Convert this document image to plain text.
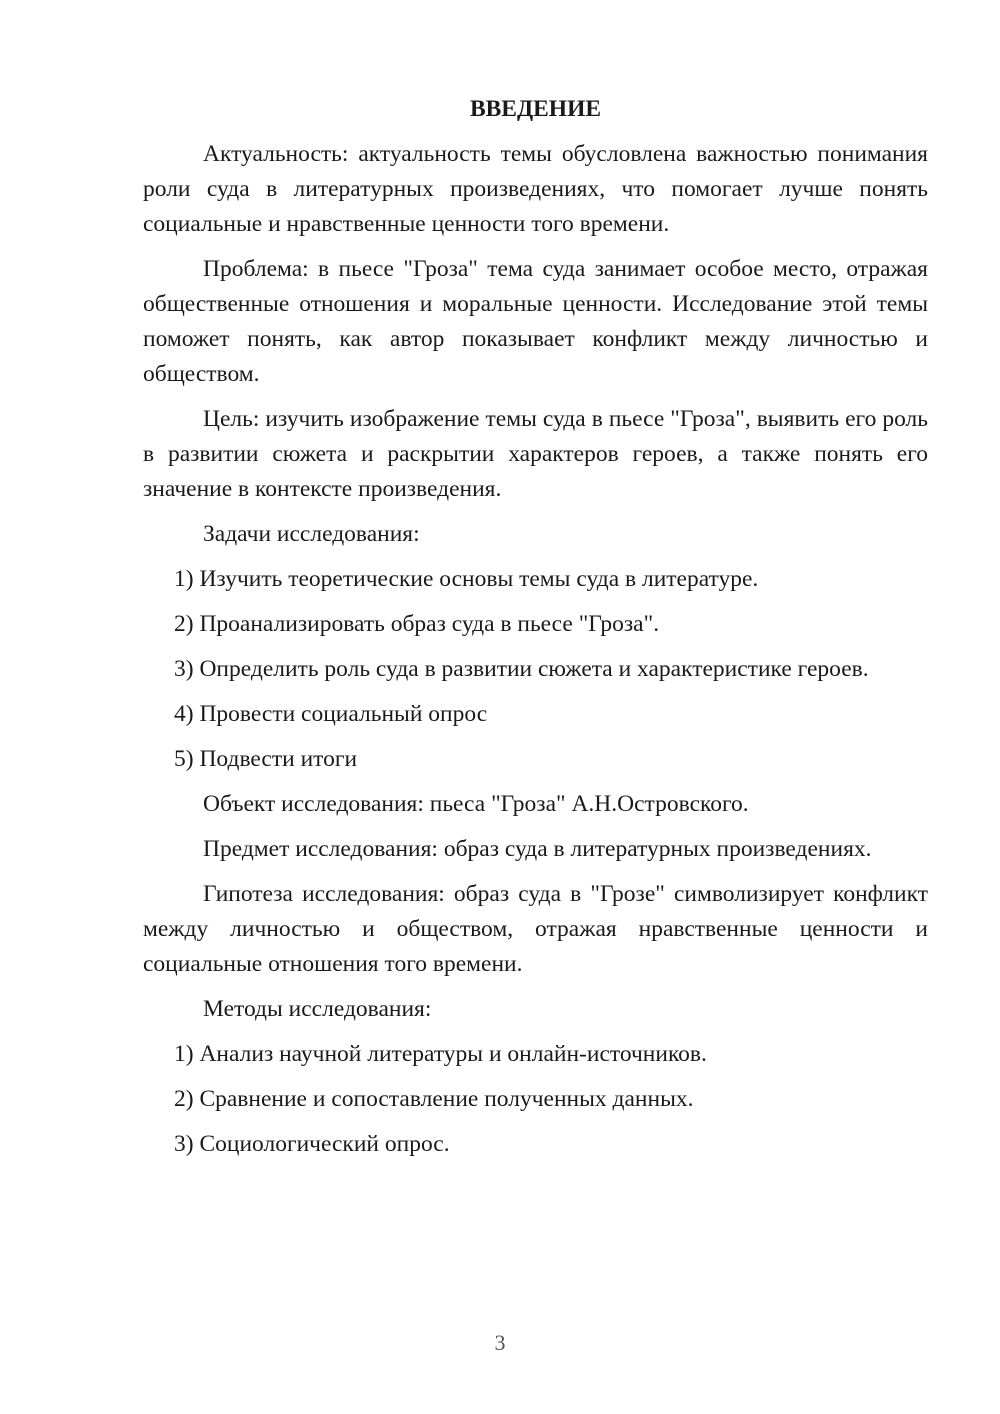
ВВЕДЕНИЕ
Актуальность: актуальность темы обусловлена важностью понимания роли суда в литературных произведениях, что помогает лучше понять социальные и нравственные ценности того времени.
Проблема: в пьесе "Гроза" тема суда занимает особое место, отражая общественные отношения и моральные ценности. Исследование этой темы поможет понять, как автор показывает конфликт между личностью и обществом.
Цель: изучить изображение темы суда в пьесе "Гроза", выявить его роль в развитии сюжета и раскрытии характеров героев, а также понять его значение в контексте произведения.
Задачи исследования:
1) Изучить теоретические основы темы суда в литературе.
2) Проанализировать образ суда в пьесе "Гроза".
3) Определить роль суда в развитии сюжета и характеристике героев.
4) Провести социальный опрос
5) Подвести итоги
Объект исследования: пьеса "Гроза" А.Н.Островского.
Предмет исследования: образ суда в литературных произведениях.
Гипотеза исследования: образ суда в "Грозе" символизирует конфликт между личностью и обществом, отражая нравственные ценности и социальные отношения того времени.
Методы исследования:
1) Анализ научной литературы и онлайн-источников.
2) Сравнение и сопоставление полученных данных.
3) Социологический опрос.
3
